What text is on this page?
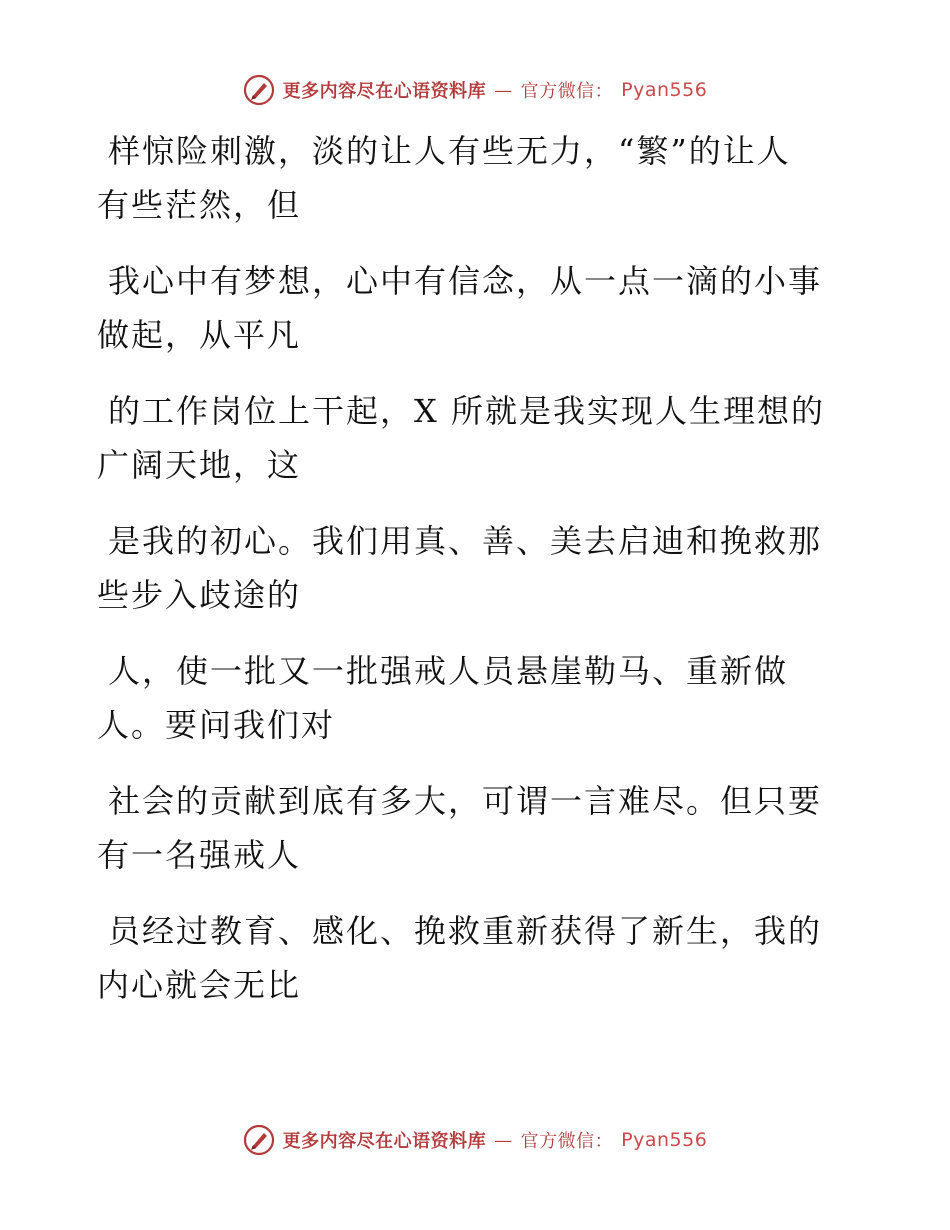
更多内容尽在心语资料库 — 官方微信： Pyan556

样惊险刺激，淡的让人有些无力，“繁”的让人
有些茫然，但

我心中有梦想，心中有信念，从一点一滴的小事
做起，从平凡

的工作岗位上干起，X 所就是我实现人生理想的
广阔天地，这

是我的初心。我们用真、善、美去启迪和挽救那
些步入歧途的

人，使一批又一批强戒人员悬崖勒马、重新做
人。要问我们对

社会的贡献到底有多大，可谓一言难尽。但只要
有一名强戒人

员经过教育、感化、挽救重新获得了新生，我的
内心就会无比

更多内容尽在心语资料库 — 官方微信： Pyan556
